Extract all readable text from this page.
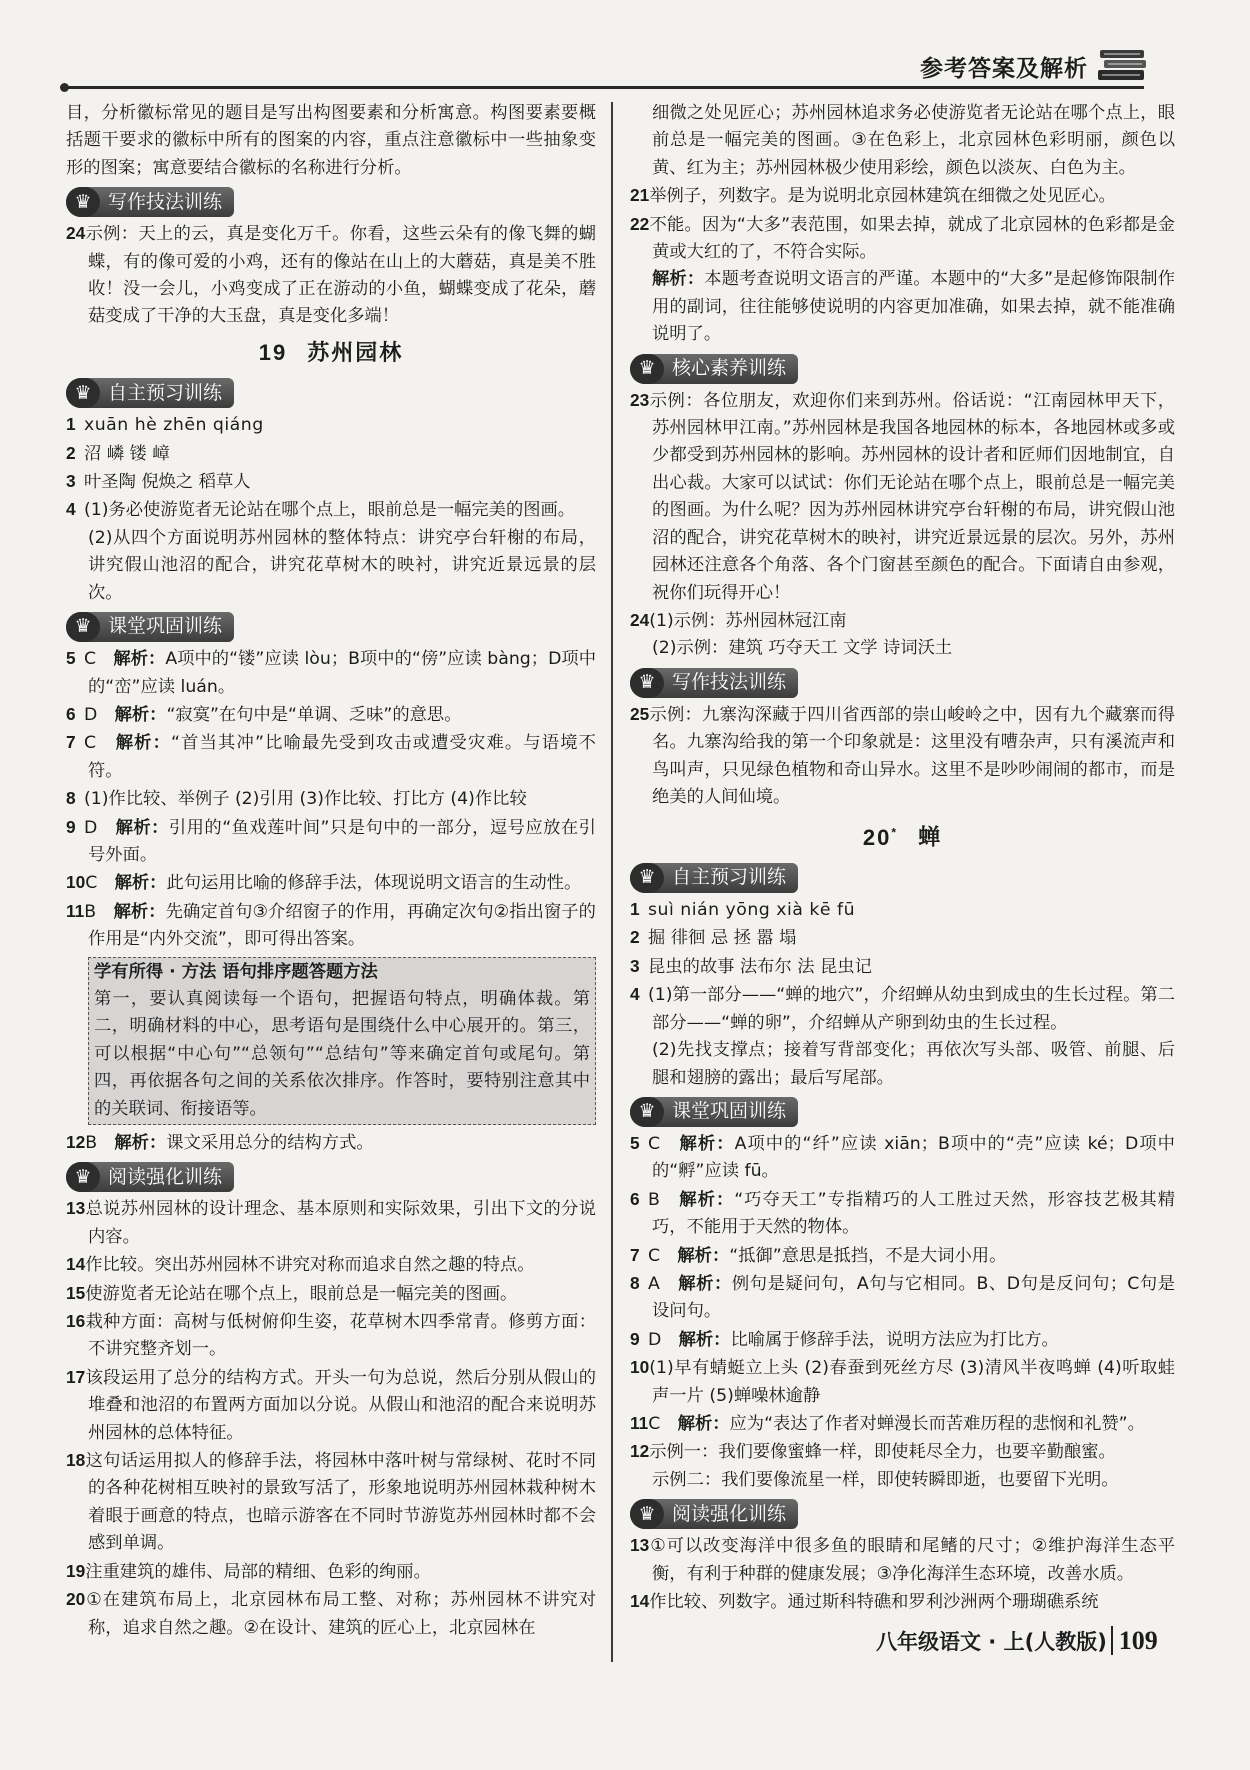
参考答案及解析

目，分析徽标常见的题目是写出构图要素和分析寓意。构图要素要概括题干要求的徽标中所有的图案的内容，重点注意徽标中一些抽象变形的图案；寓意要结合徽标的名称进行分析。

♛ 写作技法训练

24示例：天上的云，真是变化万千。你看，这些云朵有的像飞舞的蝴蝶，有的像可爱的小鸡，还有的像站在山上的大蘑菇，真是美不胜收！没一会儿，小鸡变成了正在游动的小鱼，蝴蝶变成了花朵，蘑菇变成了干净的大玉盘，真是变化多端！

19 苏州园林
♛ 自主预习训练

1 xuān hè zhēn qiáng

2 沼 嶙 镂 嶂

3 叶圣陶 倪焕之 稻草人

4 (1)务必使游览者无论站在哪个点上，眼前总是一幅完美的图画。

(2)从四个方面说明苏州园林的整体特点：讲究亭台轩榭的布局，讲究假山池沼的配合，讲究花草树木的映衬，讲究近景远景的层次。

♛ 课堂巩固训练

5 C　 解析：A项中的“镂”应读 lòu；B项中的“傍”应读 bàng；D项中的“峦”应读 luán。

6 D　 解析：“寂寞”在句中是“单调、乏味”的意思。

7 C　 解析：“首当其冲”比喻最先受到攻击或遭受灾难。与语境不符。

8 (1)作比较、举例子 (2)引用 (3)作比较、打比方 (4)作比较

9 D　 解析：引用的“鱼戏莲叶间”只是句中的一部分，逗号应放在引号外面。

10C　 解析：此句运用比喻的修辞手法，体现说明文语言的生动性。

11B　 解析：先确定首句③介绍窗子的作用，再确定次句②指出窗子的作用是“内外交流”，即可得出答案。

学有所得 · 方法 语句排序题答题方法
第一，要认真阅读每一个语句，把握语句特点，明确体裁。第二，明确材料的中心，思考语句是围绕什么中心展开的。第三，可以根据“中心句”“总领句”“总结句”等来确定首句或尾句。第四，再依据各句之间的关系依次排序。作答时，要特别注意其中的关联词、衔接语等。

12B　 解析：课文采用总分的结构方式。

♛ 阅读强化训练

13总说苏州园林的设计理念、基本原则和实际效果，引出下文的分说内容。

14作比较。突出苏州园林不讲究对称而追求自然之趣的特点。

15使游览者无论站在哪个点上，眼前总是一幅完美的图画。

16栽种方面：高树与低树俯仰生姿，花草树木四季常青。修剪方面：不讲究整齐划一。

17该段运用了总分的结构方式。开头一句为总说，然后分别从假山的堆叠和池沼的布置两方面加以分说。从假山和池沼的配合来说明苏州园林的总体特征。

18这句话运用拟人的修辞手法，将园林中落叶树与常绿树、花时不同的各种花树相互映衬的景致写活了，形象地说明苏州园林栽种树木着眼于画意的特点，也暗示游客在不同时节游览苏州园林时都不会感到单调。

19注重建筑的雄伟、局部的精细、色彩的绚丽。

20①在建筑布局上，北京园林布局工整、对称；苏州园林不讲究对称，追求自然之趣。②在设计、建筑的匠心上，北京园林在

细微之处见匠心；苏州园林追求务必使游览者无论站在哪个点上，眼前总是一幅完美的图画。③在色彩上，北京园林色彩明丽，颜色以黄、红为主；苏州园林极少使用彩绘，颜色以淡灰、白色为主。

21举例子，列数字。是为说明北京园林建筑在细微之处见匠心。

22不能。因为“大多”表范围，如果去掉，就成了北京园林的色彩都是金黄或大红的了，不符合实际。

解析：本题考查说明文语言的严谨。本题中的“大多”是起修饰限制作用的副词，往往能够使说明的内容更加准确，如果去掉，就不能准确说明了。

♛ 核心素养训练

23示例：各位朋友，欢迎你们来到苏州。俗话说：“江南园林甲天下，苏州园林甲江南。”苏州园林是我国各地园林的标本，各地园林或多或少都受到苏州园林的影响。苏州园林的设计者和匠师们因地制宜，自出心裁。大家可以试试：你们无论站在哪个点上，眼前总是一幅完美的图画。为什么呢？因为苏州园林讲究亭台轩榭的布局，讲究假山池沼的配合，讲究花草树木的映衬，讲究近景远景的层次。另外，苏州园林还注意各个角落、各个门窗甚至颜色的配合。下面请自由参观，祝你们玩得开心！

24(1)示例：苏州园林冠江南

(2)示例：建筑 巧夺天工 文学 诗词沃土

♛ 写作技法训练

25示例：九寨沟深藏于四川省西部的崇山峻岭之中，因有九个藏寨而得名。九寨沟给我的第一个印象就是：这里没有嘈杂声，只有溪流声和鸟叫声，只见绿色植物和奇山异水。这里不是吵吵闹闹的都市，而是绝美的人间仙境。

20* 蝉
♛ 自主预习训练

1 suì nián yōng xià kē fū

2 掘 徘徊 忌 拯 嚣 塌

3 昆虫的故事 法布尔 法 昆虫记

4 (1)第一部分——“蝉的地穴”，介绍蝉从幼虫到成虫的生长过程。第二部分——“蝉的卵”，介绍蝉从产卵到幼虫的生长过程。

(2)先找支撑点；接着写背部变化；再依次写头部、吸管、前腿、后腿和翅膀的露出；最后写尾部。

♛ 课堂巩固训练

5 C　 解析：A项中的“纤”应读 xiān；B项中的“壳”应读 ké；D项中的“孵”应读 fū。

6 B　 解析：“巧夺天工”专指精巧的人工胜过天然，形容技艺极其精巧，不能用于天然的物体。

7 C　 解析：“抵御”意思是抵挡，不是大词小用。

8 A　 解析：例句是疑问句，A句与它相同。B、D句是反问句；C句是设问句。

9 D　 解析：比喻属于修辞手法，说明方法应为打比方。

10(1)早有蜻蜓立上头 (2)春蚕到死丝方尽 (3)清风半夜鸣蝉 (4)听取蛙声一片 (5)蝉噪林逾静

11C　 解析：应为“表达了作者对蝉漫长而苦难历程的悲悯和礼赞”。

12示例一：我们要像蜜蜂一样，即使耗尽全力，也要辛勤酿蜜。

示例二：我们要像流星一样，即使转瞬即逝，也要留下光明。

♛ 阅读强化训练

13①可以改变海洋中很多鱼的眼睛和尾鳍的尺寸；②维护海洋生态平衡，有利于种群的健康发展；③净化海洋生态环境，改善水质。

14作比较、列数字。通过斯科特礁和罗利沙洲两个珊瑚礁系统

八年级语文 · 上(人教版) 109
